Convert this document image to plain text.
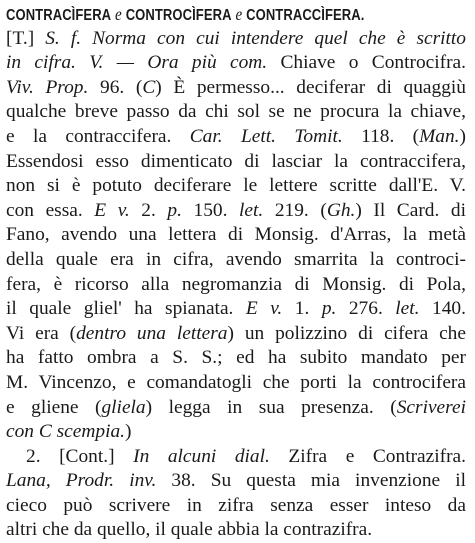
CONTRACÌFERA e CONTROCÌFERA e CONTRACCÌFERA.
[T.] S. f. Norma con cui intendere quel che è scritto
in cifra. V. — Ora più com. Chiave o Controcifra.
Viv. Prop. 96. (C) È permesso... deciferar di quaggiù
qualche breve passo da chi sol se ne procura la chiave,
e la contraccifera. Car. Lett. Tomit. 118. (Man.)
Essendosi esso dimenticato di lasciar la contraccifera,
non si è potuto deciferare le lettere scritte dall'E. V.
con essa. E v. 2. p. 150. let. 219. (Gh.) Il Card. di
Fano, avendo una lettera di Monsig. d'Arras, la metà
della quale era in cifra, avendo smarrita la controci-
fera, è ricorso alla negromanzia di Monsig. di Pola,
il quale gliel' ha spianata. E v. 1. p. 276. let. 140.
Vi era (dentro una lettera) un polizzino di cifera che
ha fatto ombra a S. S.; ed ha subito mandato per
M. Vincenzo, e comandatogli che porti la controcifera
e gliene (gliela) legga in sua presenza. (Scriverei
con C scempia.)
2. [Cont.] In alcuni dial. Zifra e Contrazifra.
Lana, Prodr. inv. 38. Su questa mia invenzione il
cieco può scrivere in zifra senza esser inteso da
altri che da quello, il quale abbia la contrazifra.
